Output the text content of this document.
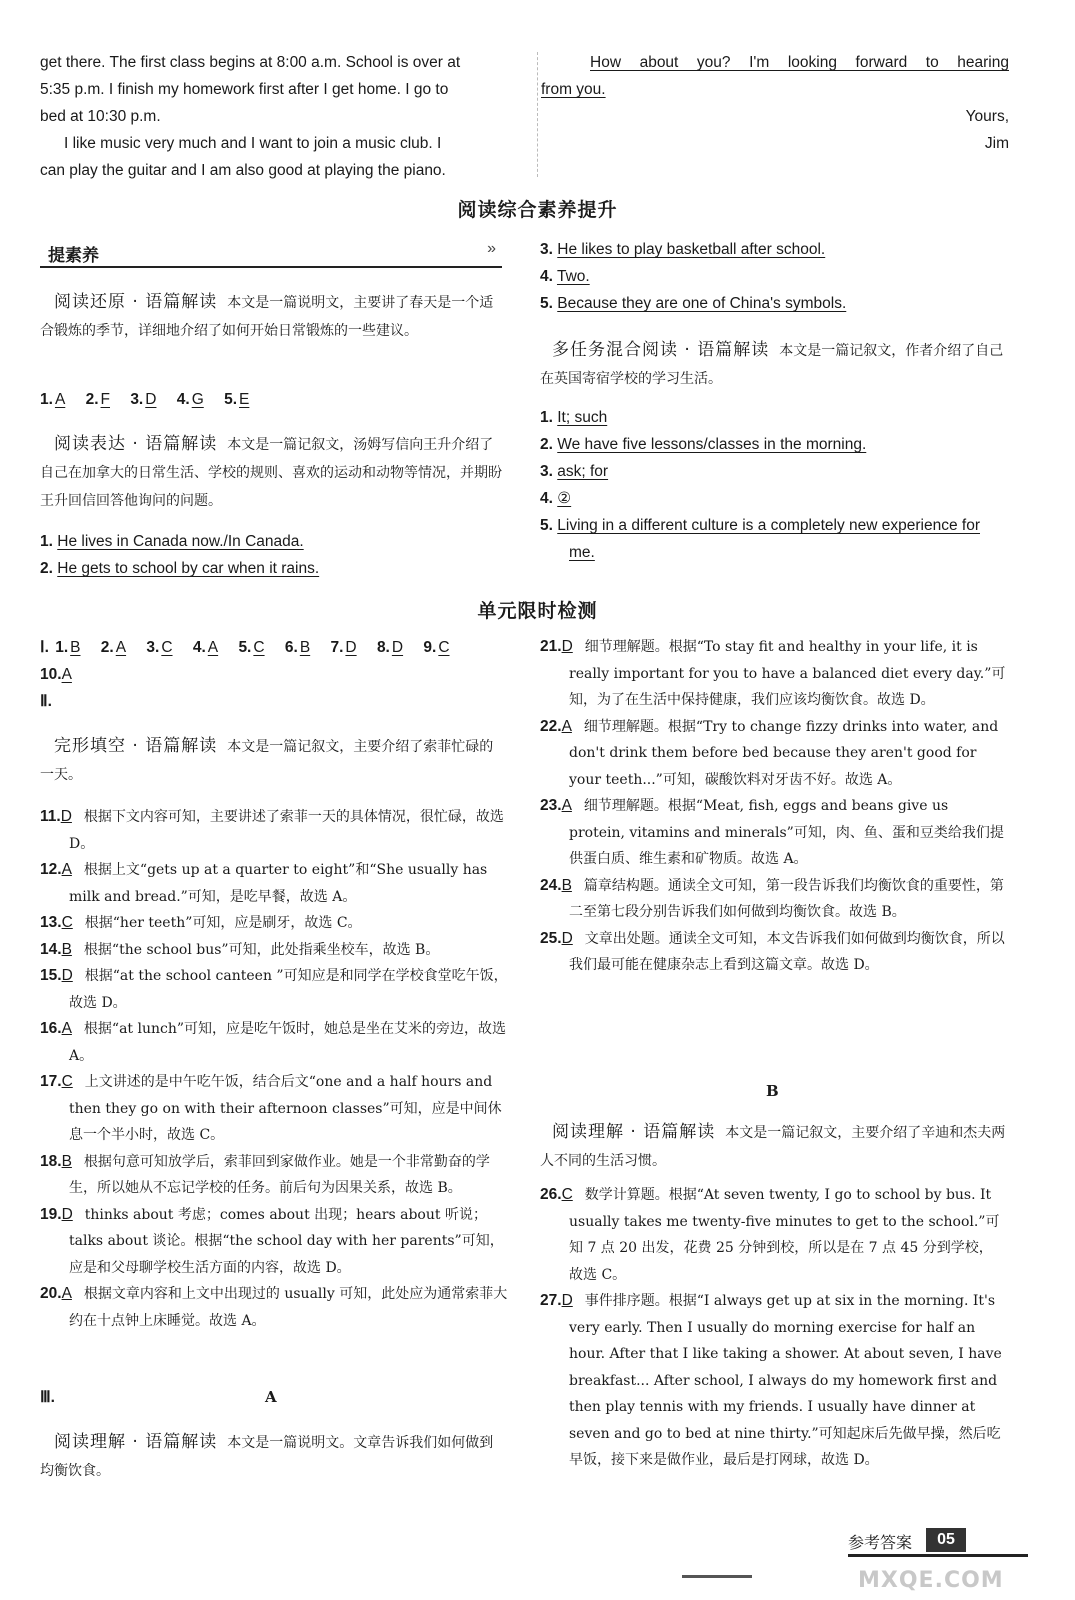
get there. The first class begins at 8:00 a.m. School is over at
5:35 p.m. I finish my homework first after I get home. I go to
bed at 10:30 p.m.
I like music very much and I want to join a music club. I
can play the guitar and I am also good at playing the piano.
How about you? I'm looking forward to hearing
from you.
Yours,
Jim
阅读综合素养提升
提素养	»
阅读还原 · 语篇解读 本文是一篇说明文，主要讲了春天是一个适合锻炼的季节，详细地介绍了如何开始日常锻炼的一些建议。
1. A 2. F 3. D 4. G 5. E
阅读表达 · 语篇解读 本文是一篇记叙文，汤姆写信向王升介绍了自己在加拿大的日常生活、学校的规则、喜欢的运动和动物等情况，并期盼王升回信回答他询问的问题。
1. He lives in Canada now./In Canada.
2. He gets to school by car when it rains.
3. He likes to play basketball after school.
4. Two.
5. Because they are one of China's symbols.
多任务混合阅读 · 语篇解读 本文是一篇记叙文，作者介绍了自己在英国寄宿学校的学习生活。
1. It; such
2. We have five lessons/classes in the morning.
3. ask; for
4. ②
5. Living in a different culture is a completely new experience for me.
单元限时检测
Ⅰ. 1. B 2. A 3. C 4. A 5. C 6. B 7. D 8. D 9. C
10.A
Ⅱ.
完形填空 · 语篇解读 本文是一篇记叙文，主要介绍了索菲忙碌的一天。
11.D 根据下文内容可知，主要讲述了索菲一天的具体情况，很忙碌，故选 D。
12.A 根据上文“gets up at a quarter to eight”和“She usually has milk and bread.”可知，是吃早餐，故选 A。
13.C 根据“her teeth”可知，应是刷牙，故选 C。
14.B 根据“the school bus”可知，此处指乘坐校车，故选 B。
15.D 根据“at the school canteen ”可知应是和同学在学校食堂吃午饭，故选 D。
16.A 根据“at lunch”可知，应是吃午饭时，她总是坐在艾米的旁边，故选 A。
17.C 上文讲述的是中午吃午饭，结合后文“one and a half hours and then they go on with their afternoon classes”可知，应是中间休息一个半小时，故选 C。
18.B 根据句意可知放学后，索菲回到家做作业。她是一个非常勤奋的学生，所以她从不忘记学校的任务。前后句为因果关系，故选 B。
19.D thinks about 考虑；comes about 出现；hears about 听说；talks about 谈论。根据“the school day with her parents”可知，应是和父母聊学校生活方面的内容，故选 D。
20.A 根据文章内容和上文中出现过的 usually 可知，此处应为通常索菲大约在十点钟上床睡觉。故选 A。
Ⅲ.	A
阅读理解 · 语篇解读 本文是一篇说明文。文章告诉我们如何做到均衡饮食。
21.D 细节理解题。根据“To stay fit and healthy in your life, it is really important for you to have a balanced diet every day.”可知，为了在生活中保持健康，我们应该均衡饮食。故选 D。
22.A 细节理解题。根据“Try to change fizzy drinks into water, and don't drink them before bed because they aren't good for your teeth...”可知，碳酸饮料对牙齿不好。故选 A。
23.A 细节理解题。根据“Meat, fish, eggs and beans give us protein, vitamins and minerals”可知，肉、鱼、蛋和豆类给我们提供蛋白质、维生素和矿物质。故选 A。
24.B 篇章结构题。通读全文可知，第一段告诉我们均衡饮食的重要性，第二至第七段分别告诉我们如何做到均衡饮食。故选 B。
25.D 文章出处题。通读全文可知，本文告诉我们如何做到均衡饮食，所以我们最可能在健康杂志上看到这篇文章。故选 D。
B
阅读理解 · 语篇解读 本文是一篇记叙文，主要介绍了辛迪和杰夫两人不同的生活习惯。
26.C 数学计算题。根据“At seven twenty, I go to school by bus. It usually takes me twenty-five minutes to get to the school.”可知 7 点 20 出发，花费 25 分钟到校，所以是在 7 点 45 分到学校，故选 C。
27.D 事件排序题。根据“I always get up at six in the morning. It's very early. Then I usually do morning exercise for half an hour. After that I like taking a shower. At about seven, I have breakfast... After school, I always do my homework first and then play tennis with my friends. I usually have dinner at seven and go to bed at nine thirty.”可知起床后先做早操，然后吃早饭，接下来是做作业，最后是打网球，故选 D。
参考答案	05
MXQE.COM
